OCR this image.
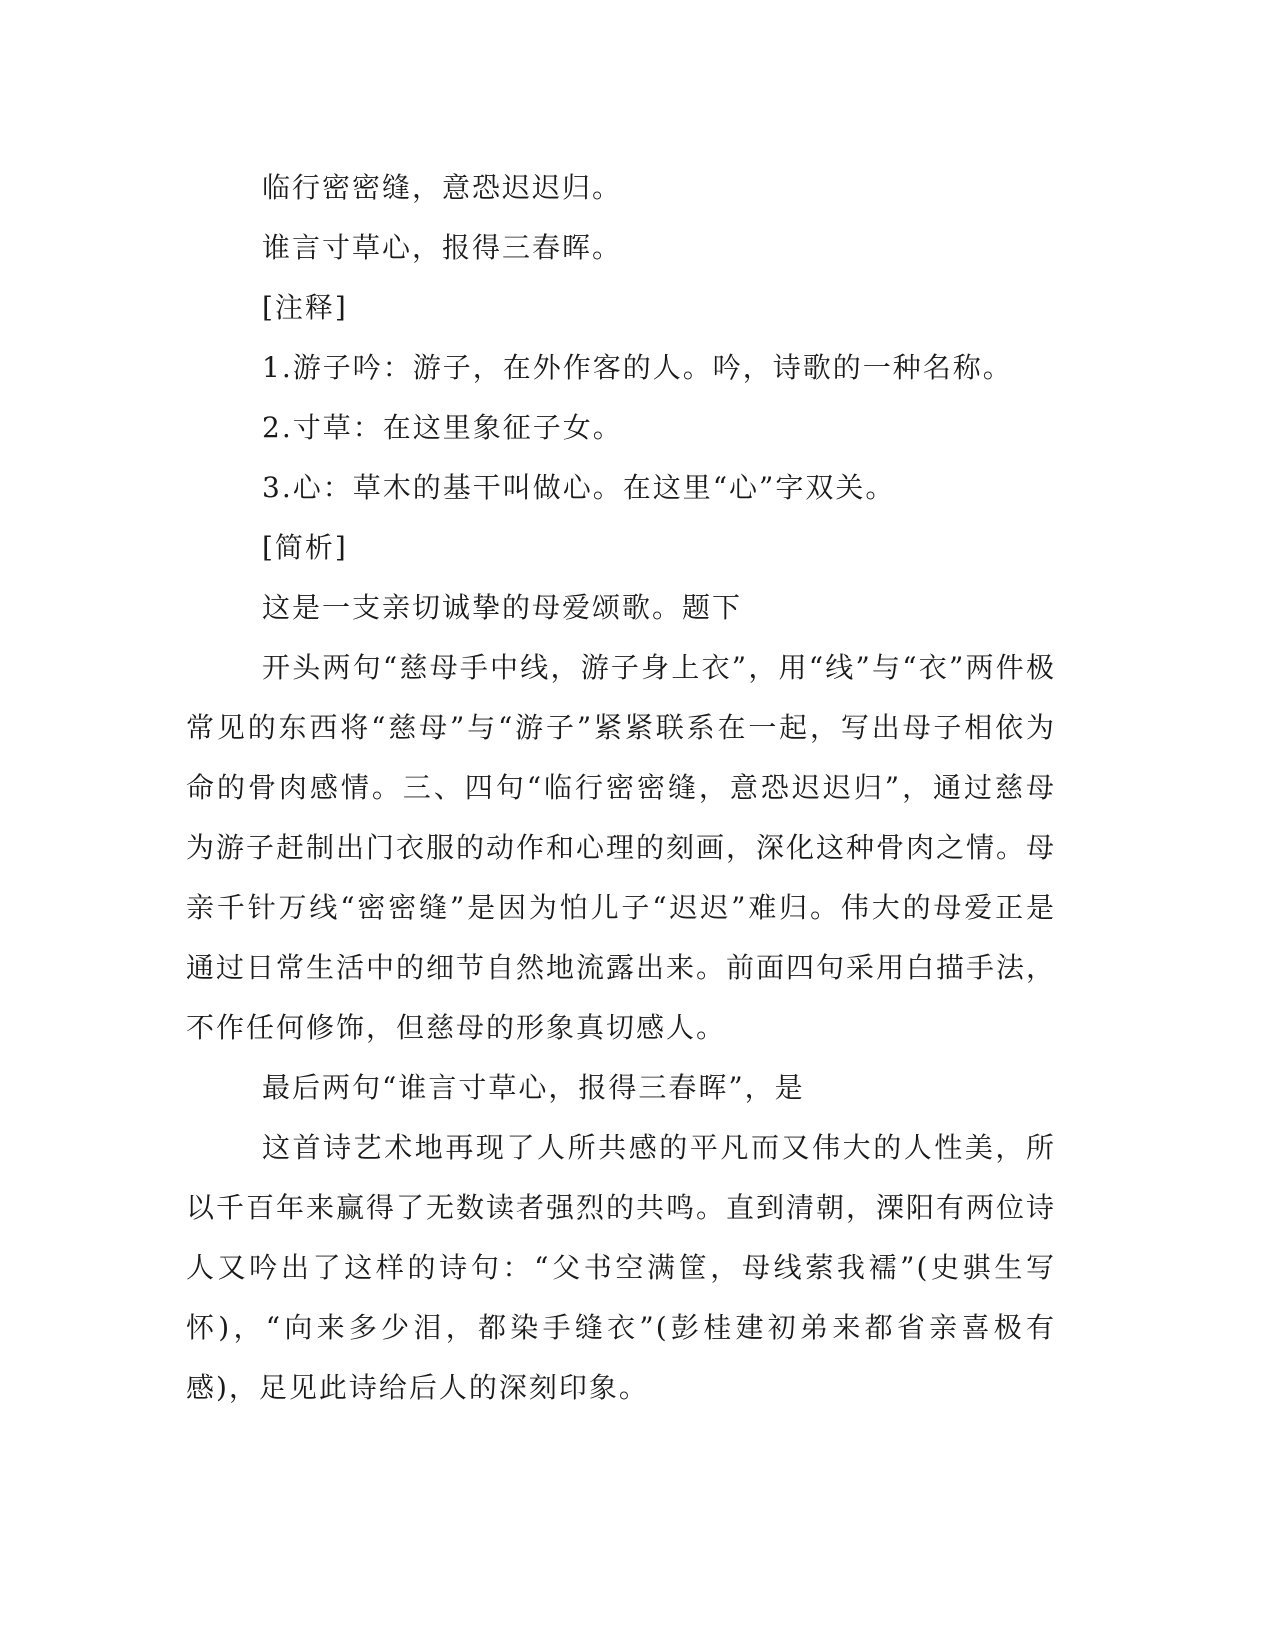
临行密密缝，意恐迟迟归。

谁言寸草心，报得三春晖。

[注释]

1.游子吟：游子，在外作客的人。吟，诗歌的一种名称。

2.寸草：在这里象征子女。

3.心：草木的基干叫做心。在这里“心”字双关。

[简析]

这是一支亲切诚挚的母爱颂歌。题下

开头两句“慈母手中线，游子身上衣”，用“线”与“衣”两件极常见的东西将“慈母”与“游子”紧紧联系在一起，写出母子相依为命的骨肉感情。三、四句“临行密密缝，意恐迟迟归”，通过慈母为游子赶制出门衣服的动作和心理的刻画，深化这种骨肉之情。母亲千针万线“密密缝”是因为怕儿子“迟迟”难归。伟大的母爱正是通过日常生活中的细节自然地流露出来。前面四句采用白描手法，不作任何修饰，但慈母的形象真切感人。

最后两句“谁言寸草心，报得三春晖”，是

这首诗艺术地再现了人所共感的平凡而又伟大的人性美，所以千百年来赢得了无数读者强烈的共鸣。直到清朝，溧阳有两位诗人又吟出了这样的诗句：“父书空满筐，母线萦我襦”(史骐生写怀)，“向来多少泪，都染手缝衣”(彭桂建初弟来都省亲喜极有感)，足见此诗给后人的深刻印象。
